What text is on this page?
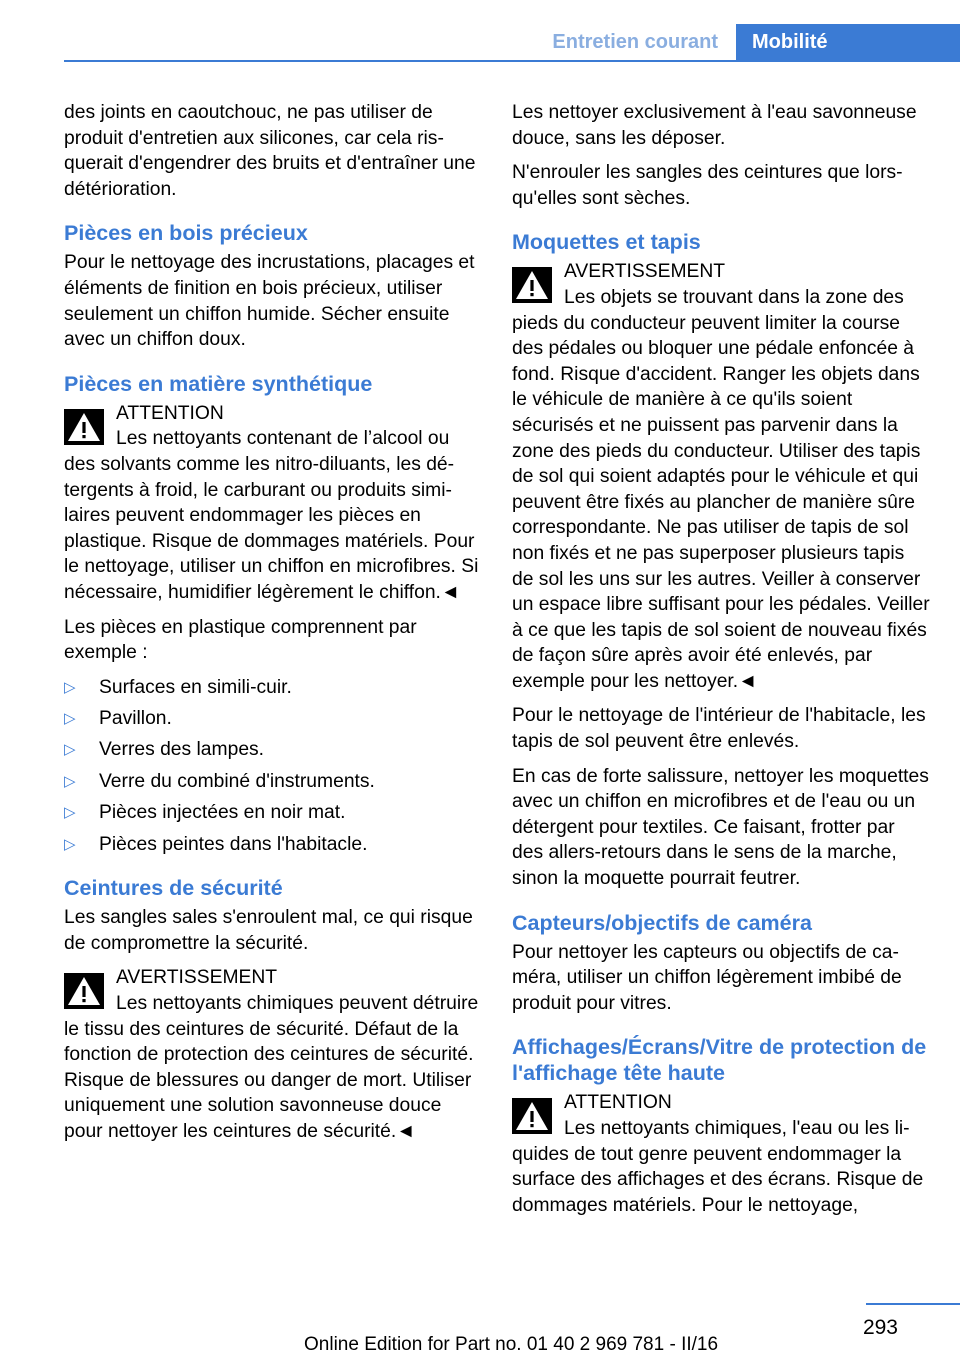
Entretien courant	Mobilité

des joints en caoutchouc, ne pas utiliser de produit d'entretien aux silicones, car cela risquerait d'engendrer des bruits et d'entraîner une détérioration.

Pièces en bois précieux

Pour le nettoyage des incrustations, placages et éléments de finition en bois précieux, utiliser seulement un chiffon humide. Sécher ensuite avec un chiffon doux.

Pièces en matière synthétique
ATTENTION
Les nettoyants contenant de l’alcool ou des solvants comme les nitro-diluants, les détergents à froid, le carburant ou produits similaires peuvent endommager les pièces en plastique. Risque de dommages matériels. Pour le nettoyage, utiliser un chiffon en microfibres. Si nécessaire, humidifier légèrement le chiffon.◄

Les pièces en plastique comprennent par exemple :

▷ Surfaces en simili-cuir.
▷ Pavillon.
▷ Verres des lampes.
▷ Verre du combiné d'instruments.
▷ Pièces injectées en noir mat.
▷ Pièces peintes dans l'habitacle.
Ceintures de sécurité

Les sangles sales s'enroulent mal, ce qui risque de compromettre la sécurité.

AVERTISSEMENT
Les nettoyants chimiques peuvent détruire le tissu des ceintures de sécurité. Défaut de la fonction de protection des ceintures de sécurité. Risque de blessures ou danger de mort. Utiliser uniquement une solution savonneuse douce pour nettoyer les ceintures de sécurité.◄

Les nettoyer exclusivement à l'eau savonneuse douce, sans les déposer.

N'enrouler les sangles des ceintures que lorsqu'elles sont sèches.

Moquettes et tapis
AVERTISSEMENT
Les objets se trouvant dans la zone des pieds du conducteur peuvent limiter la course des pédales ou bloquer une pédale enfoncée à fond. Risque d'accident. Ranger les objets dans le véhicule de manière à ce qu'ils soient sécurisés et ne puissent pas parvenir dans la zone des pieds du conducteur. Utiliser des tapis de sol qui soient adaptés pour le véhicule et qui peuvent être fixés au plancher de manière sûre correspondante. Ne pas utiliser de tapis de sol non fixés et ne pas superposer plusieurs tapis de sol les uns sur les autres. Veiller à conserver un espace libre suffisant pour les pédales. Veiller à ce que les tapis de sol soient de nouveau fixés de façon sûre après avoir été enlevés, par exemple pour les nettoyer.◄

Pour le nettoyage de l'intérieur de l'habitacle, les tapis de sol peuvent être enlevés.

En cas de forte salissure, nettoyer les moquettes avec un chiffon en microfibres et de l'eau ou un détergent pour textiles. Ce faisant, frotter par des allers-retours dans le sens de la marche, sinon la moquette pourrait feutrer.

Capteurs/objectifs de caméra

Pour nettoyer les capteurs ou objectifs de caméra, utiliser un chiffon légèrement imbibé de produit pour vitres.

Affichages/Écrans/Vitre de protection de l'affichage tête haute
ATTENTION
Les nettoyants chimiques, l'eau ou les liquides de tout genre peuvent endommager la surface des affichages et des écrans. Risque de dommages matériels. Pour le nettoyage,
293
Online Edition for Part no. 01 40 2 969 781 - II/16
